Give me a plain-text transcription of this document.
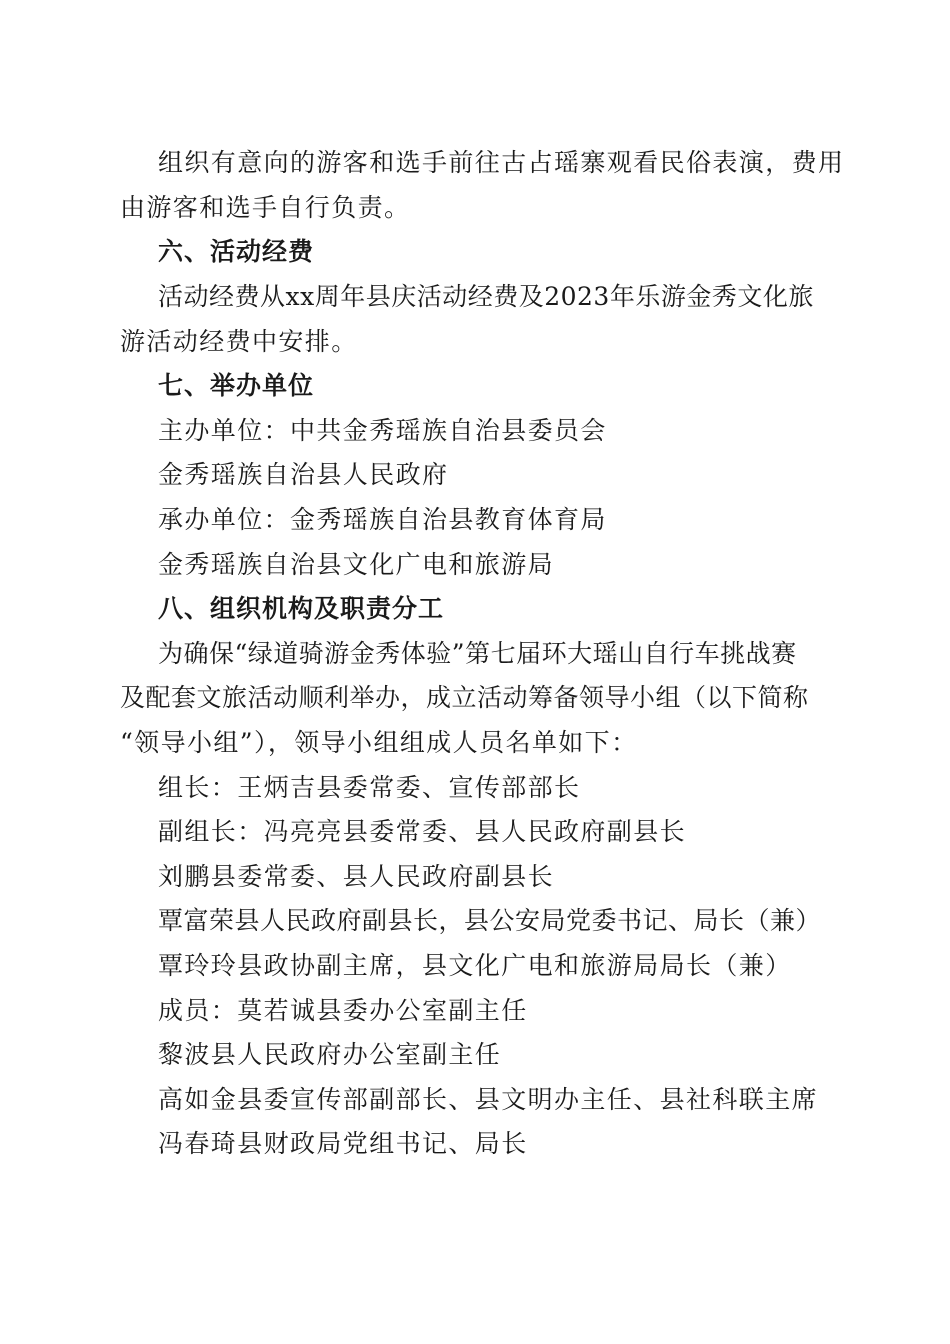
组织有意向的游客和选手前往古占瑶寨观看民俗表演，费用
由游客和选手自行负责。
六、活动经费
活动经费从xx周年县庆活动经费及2023年乐游金秀文化旅
游活动经费中安排。
七、举办单位
主办单位：中共金秀瑶族自治县委员会
金秀瑶族自治县人民政府
承办单位：金秀瑶族自治县教育体育局
金秀瑶族自治县文化广电和旅游局
八、组织机构及职责分工
为确保“绿道骑游金秀体验”第七届环大瑶山自行车挑战赛
及配套文旅活动顺利举办，成立活动筹备领导小组（以下简称
“领导小组”），领导小组组成人员名单如下：
组长：王炳吉县委常委、宣传部部长
副组长：冯亮亮县委常委、县人民政府副县长
刘鹏县委常委、县人民政府副县长
覃富荣县人民政府副县长，县公安局党委书记、局长（兼）
覃玲玲县政协副主席，县文化广电和旅游局局长（兼）
成员：莫若诚县委办公室副主任
黎波县人民政府办公室副主任
高如金县委宣传部副部长、县文明办主任、县社科联主席
冯春琦县财政局党组书记、局长
